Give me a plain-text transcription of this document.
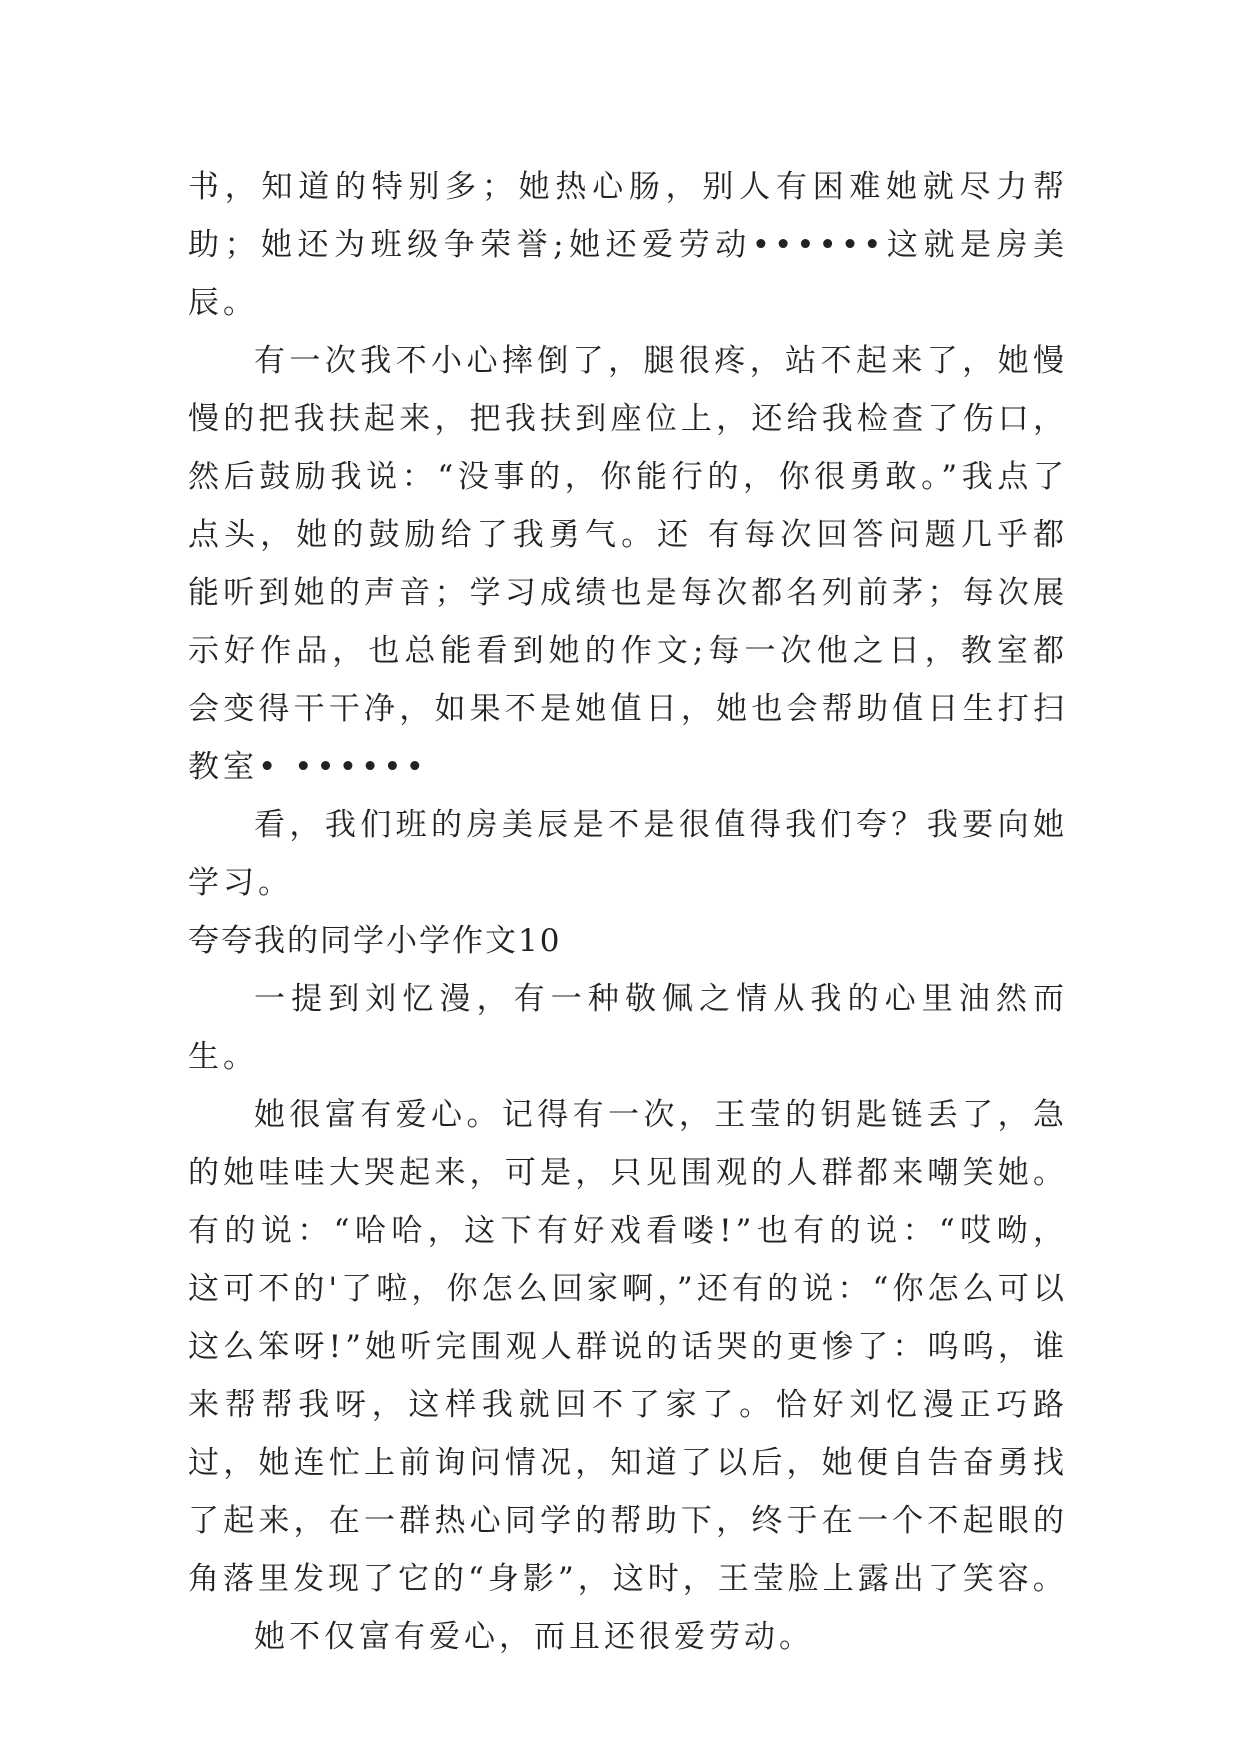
书，知道的特别多；她热心肠，别人有困难她就尽力帮助；她还为班级争荣誉;她还爱劳动••••••这就是房美辰。

有一次我不小心摔倒了，腿很疼，站不起来了，她慢慢的把我扶起来，把我扶到座位上，还给我检查了伤口，然后鼓励我说：“没事的，你能行的，你很勇敢。”我点了点头，她的鼓励给了我勇气。还 有每次回答问题几乎都能听到她的声音；学习成绩也是每次都名列前茅；每次展示好作品，也总能看到她的作文;每一次他之日，教室都会变得干干净，如果不是她值日，她也会帮助值日生打扫教室• ••••••

看，我们班的房美辰是不是很值得我们夸？我要向她学习。

夸夸我的同学小学作文10

一提到刘忆漫，有一种敬佩之情从我的心里油然而生。

她很富有爱心。记得有一次，王莹的钥匙链丢了，急的她哇哇大哭起来，可是，只见围观的人群都来嘲笑她。有的说：“哈哈，这下有好戏看喽!”也有的说：“哎呦，这可不的'了啦，你怎么回家啊，”还有的说：“你怎么可以这么笨呀!”她听完围观人群说的话哭的更惨了：呜呜，谁来帮帮我呀，这样我就回不了家了。恰好刘忆漫正巧路过，她连忙上前询问情况，知道了以后，她便自告奋勇找了起来，在一群热心同学的帮助下，终于在一个不起眼的角落里发现了它的“身影”，这时，王莹脸上露出了笑容。

她不仅富有爱心，而且还很爱劳动。
